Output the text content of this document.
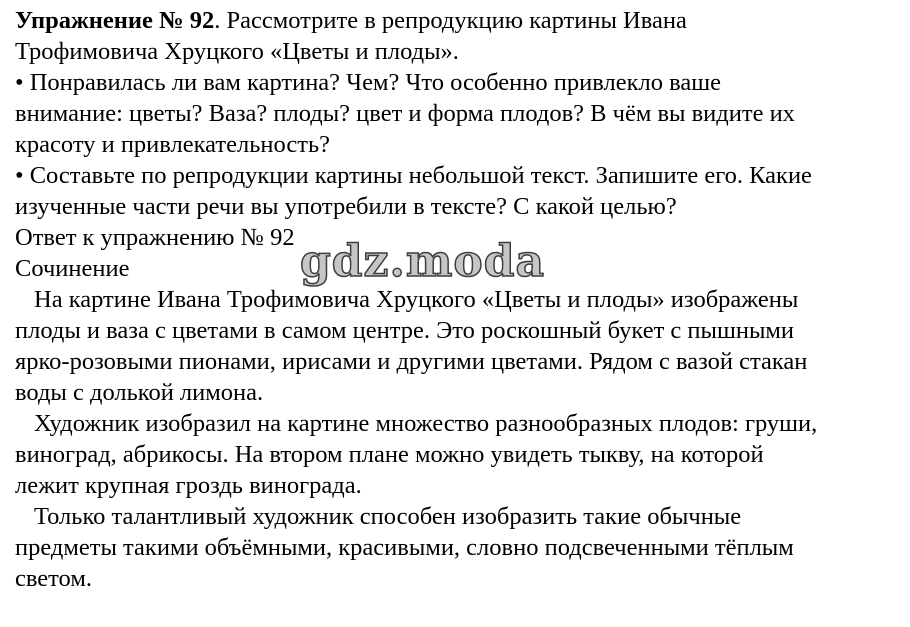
Упражнение № 92. Рассмотрите в репродукцию картины Ивана
Трофимовича Хруцкого «Цветы и плоды».
• Понравилась ли вам картина? Чем? Что особенно привлекло ваше
внимание: цветы? Ваза? плоды? цвет и форма плодов? В чём вы видите их
красоту и привлекательность?
• Составьте по репродукции картины небольшой текст. Запишите его. Какие
изученные части речи вы употребили в тексте? С какой целью?
Ответ к упражнению № 92
Сочинение
На картине Ивана Трофимовича Хруцкого «Цветы и плоды» изображены
плоды и ваза с цветами в самом центре. Это роскошный букет с пышными
ярко-розовыми пионами, ирисами и другими цветами. Рядом с вазой стакан
воды с долькой лимона.
Художник изобразил на картине множество разнообразных плодов: груши,
виноград, абрикосы. На втором плане можно увидеть тыкву, на которой
лежит крупная гроздь винограда.
Только талантливый художник способен изобразить такие обычные
предметы такими объёмными, красивыми, словно подсвеченными тёплым
светом.
gdz.moda
